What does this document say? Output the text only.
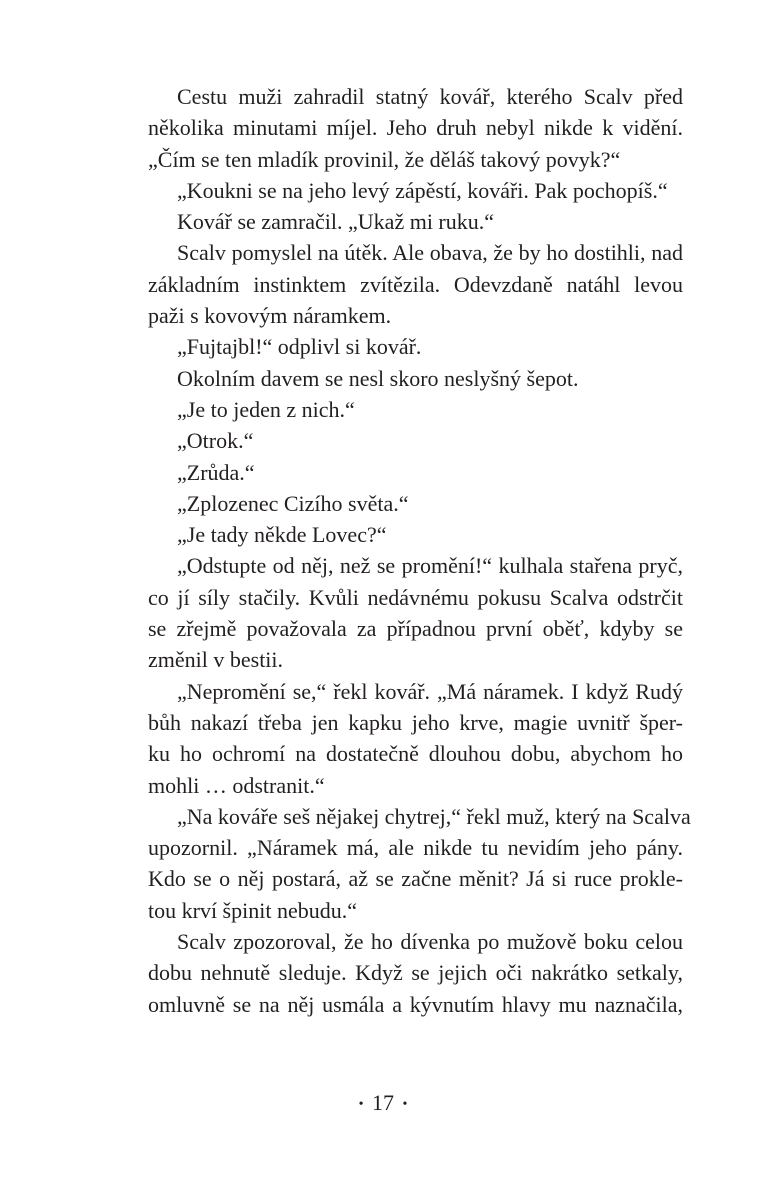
Cestu muži zahradil statný kovář, kterého Scalv před
několika minutami míjel. Jeho druh nebyl nikde k vidění.
„Čím se ten mladík provinil, že děláš takový povyk?“
„Koukni se na jeho levý zápěstí, kováři. Pak pochopíš.“
Kovář se zamračil. „Ukaž mi ruku.“
Scalv pomyslel na útěk. Ale obava, že by ho dostihli, nad
základním instinktem zvítězila. Odevzdaně natáhl levou
paži s kovovým náramkem.
„Fujtajbl!“ odplivl si kovář.
Okolním davem se nesl skoro neslyšný šepot.
„Je to jeden z nich.“
„Otrok.“
„Zrůda.“
„Zplozenec Cizího světa.“
„Je tady někde Lovec?“
„Odstupte od něj, než se promění!“ kulhala stařena pryč,
co jí síly stačily. Kvůli nedávnému pokusu Scalva odstrčit
se zřejmě považovala za případnou první oběť, kdyby se
změnil v bestii.
„Nepromění se,“ řekl kovář. „Má náramek. I když Rudý
bůh nakazí třeba jen kapku jeho krve, magie uvnitř šper-
ku ho ochromí na dostatečně dlouhou dobu, abychom ho
mohli … odstranit.“
„Na kováře seš nějakej chytrej,“ řekl muž, který na Scalva
upozornil. „Náramek má, ale nikde tu nevidím jeho pány.
Kdo se o něj postará, až se začne měnit? Já si ruce prokle-
tou krví špinit nebudu.“
Scalv zpozoroval, že ho dívenka po mužově boku celou
dobu nehnutě sleduje. Když se jejich oči nakrátko setkaly,
omluvně se na něj usmála a kývnutím hlavy mu naznačila,
• 17 •
